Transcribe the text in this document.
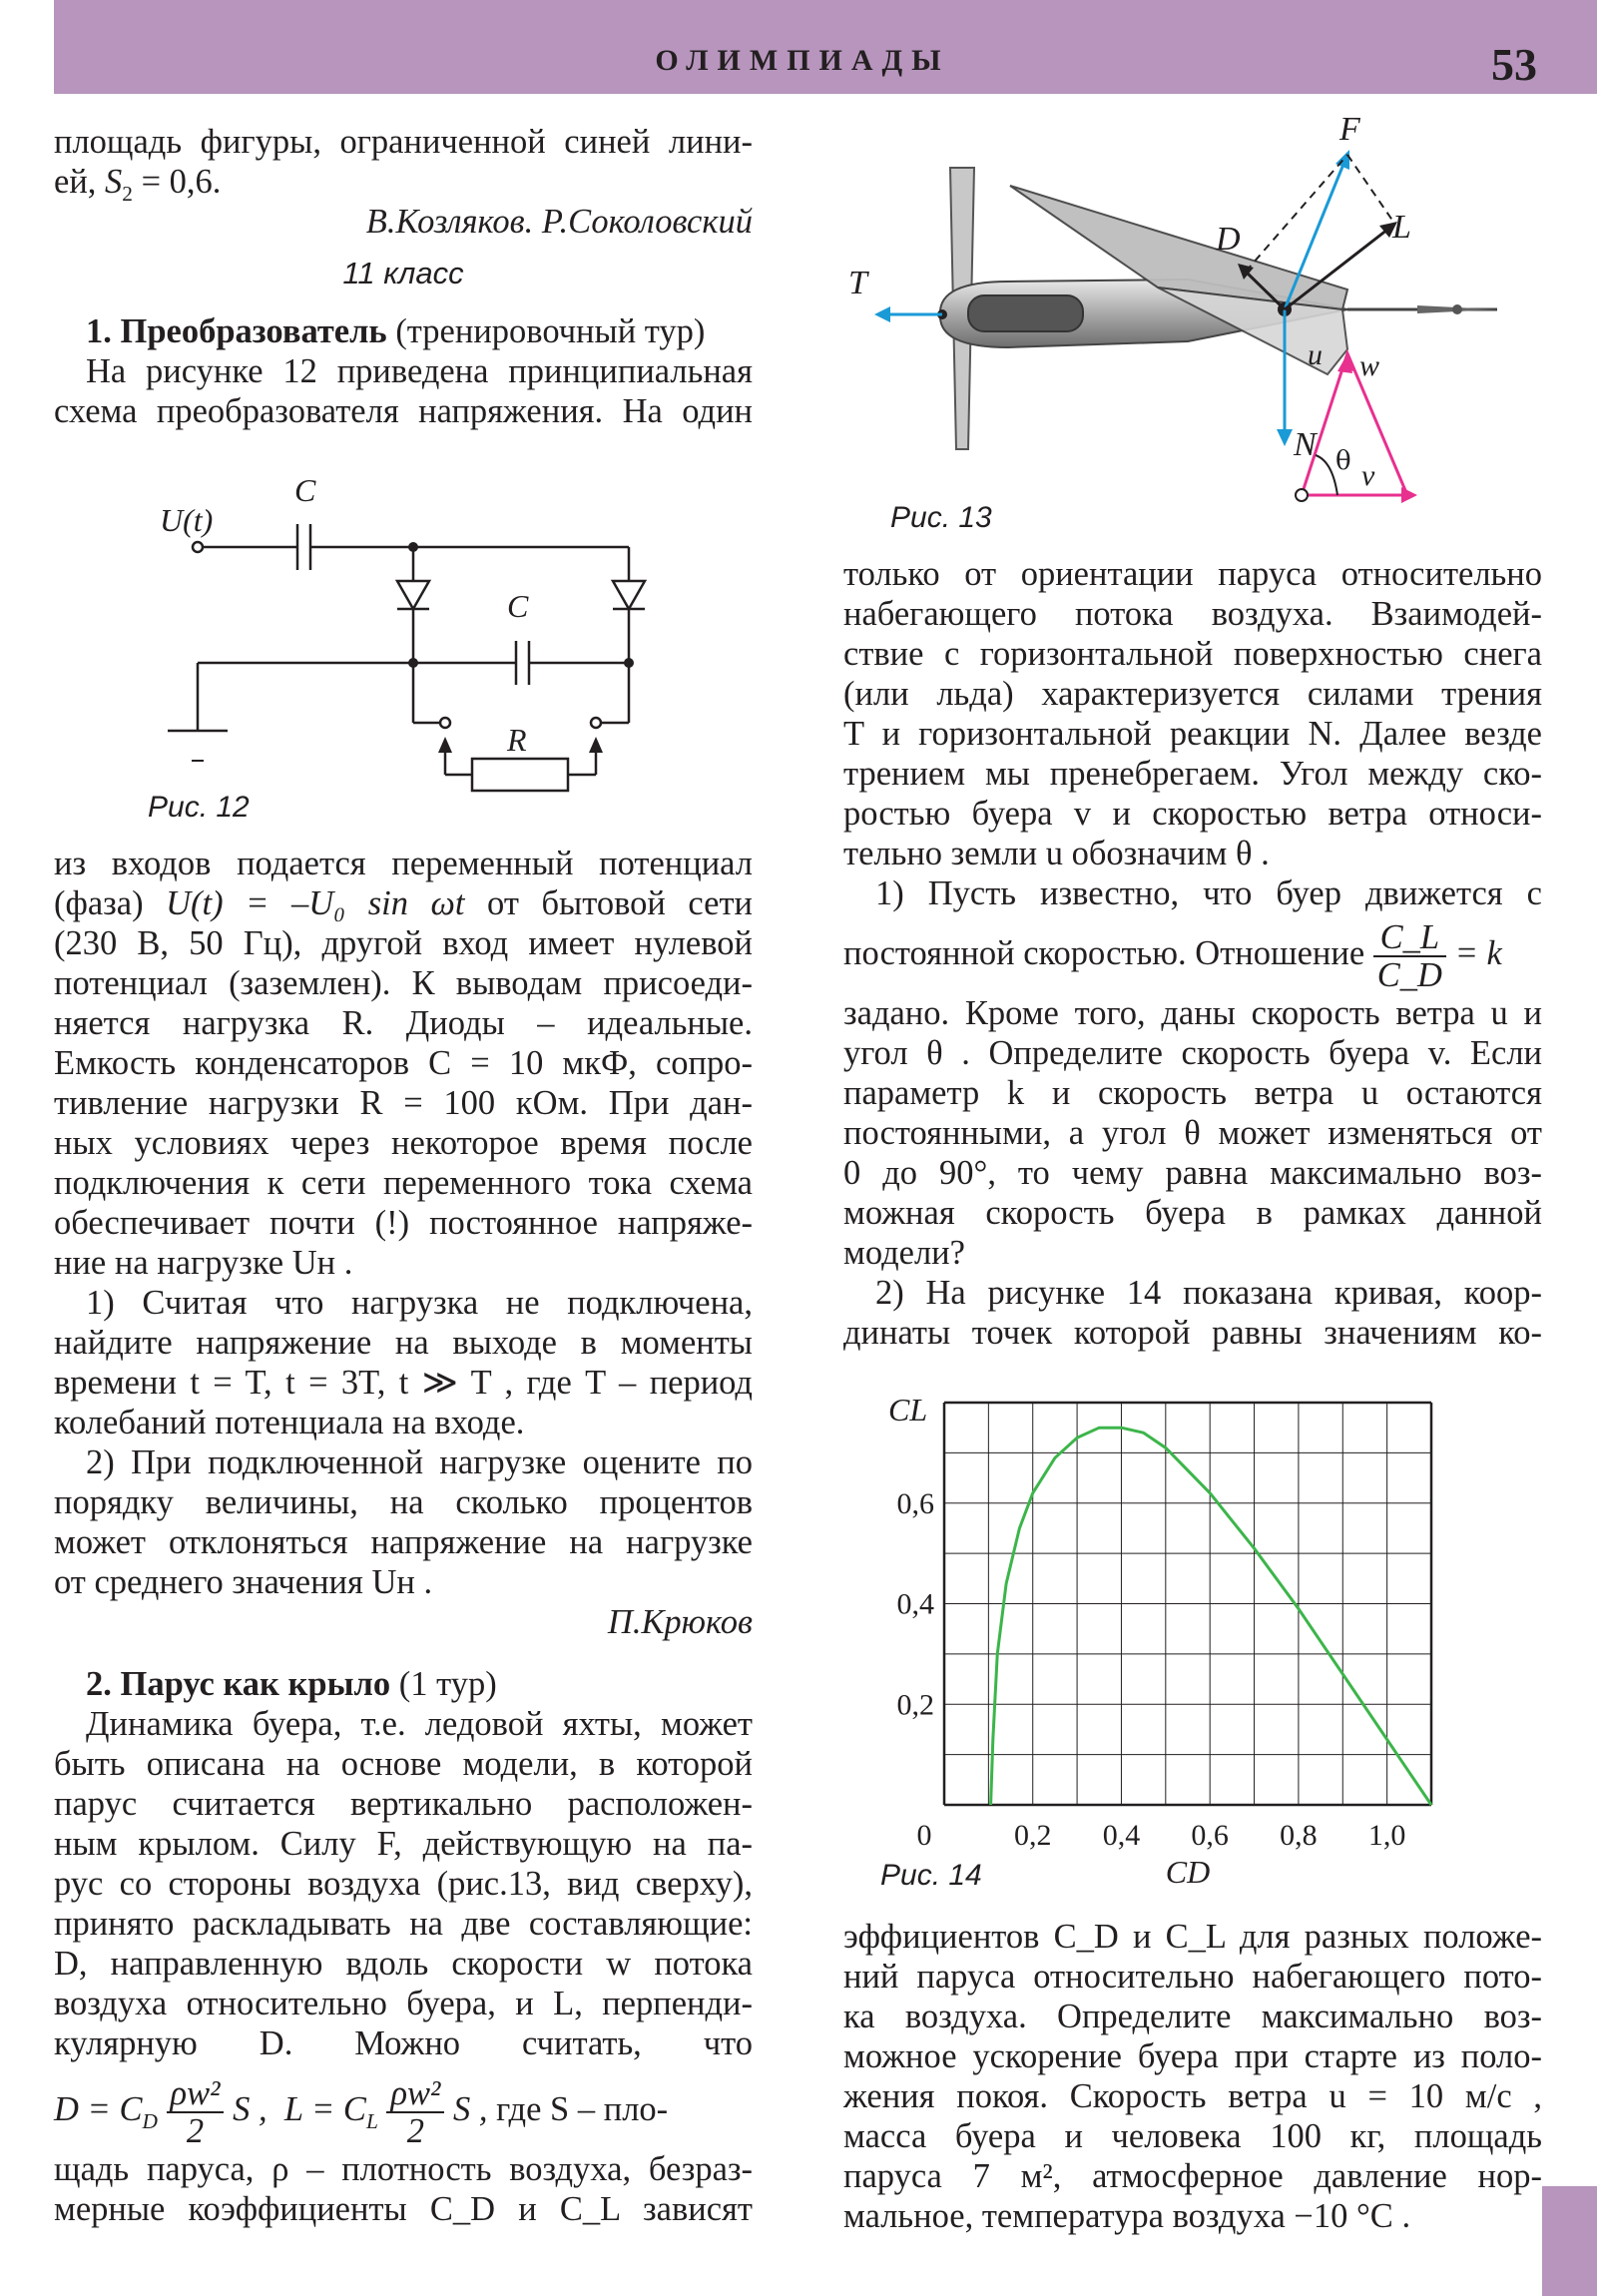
ОЛИМПИАДЫ	53

площадь фигуры, ограниченной синей лини-

ей, $S_2 = 0,6$.

В.Козляков. Р.Соколовский

11 класс

1. Преобразователь (тренировочный тур)

На рисунке 12 приведена принципиальная

схема преобразователя напряжения. На один

U(t)
C
C
R
Рис. 12

из входов подается переменный потенциал

(фаза) U(t) = –U₀ sin ωt от бытовой сети

(230 В, 50 Гц), другой вход имеет нулевой

потенциал (заземлен). К выводам присоеди-

няется нагрузка R. Диоды – идеальные.

Емкость конденсаторов C = 10 мкФ, сопро-

тивление нагрузки R = 100 кОм. При дан-

ных условиях через некоторое время после

подключения к сети переменного тока схема

обеспечивает почти (!) постоянное напряже-

ние на нагрузке Uн .

1) Считая что нагрузка не подключена,

найдите напряжение на выходе в моменты

времени t = T, t = 3T, t ≫ T , где T – период

колебаний потенциала на входе.

2) При подключенной нагрузке оцените по

порядку величины, на сколько процентов

может отклоняться напряжение на нагрузке

от среднего значения Uн .

П.Крюков

2. Парус как крыло (1 тур)

Динамика буера, т.е. ледовой яхты, может

быть описана на основе модели, в которой

парус считается вертикально расположен-

ным крылом. Силу F, действующую на па-

рус со стороны воздуха (рис.13, вид сверху),

принято раскладывать на две составляющие:

D, направленную вдоль скорости w потока

воздуха относительно буера, и L, перпенди-

кулярную D. Можно считать, что

$D = C_D \frac{\text{ρw²}}{2}$ S , $L = C_L \frac{\text{ρw²}}{2}$ S , где S – пло-

щадь паруса, ρ – плотность воздуха, безраз-

мерные коэффициенты C_D и C_L зависят

F
D	L
T
N
w
v
u
θ
Рис. 13

только от ориентации паруса относительно

набегающего потока воздуха. Взаимодей-

ствие с горизонтальной поверхностью снега

(или льда) характеризуется силами трения

T и горизонтальной реакции N. Далее везде

трением мы пренебрегаем. Угол между ско-

ростью буера v и скоростью ветра относи-

тельно земли u обозначим θ .

1) Пусть известно, что буер движется с

постоянной скоростью. Отношение $\frac{C\_L}{C\_D} = k$

задано. Кроме того, даны скорость ветра u и

угол θ . Определите скорость буера v. Если

параметр k и скорость ветра u остаются

постоянными, а угол θ может изменяться от

0 до 90°, то чему равна максимально воз-

можная скорость буера в рамках данной

модели?

2) На рисунке 14 показана кривая, коор-

динаты точек которой равны значениям ко-

0	0,2 0,4 0,6 0,8 1,0
0,2
0,4
0,6
CL
CD
Рис. 14

эффициентов C_D и C_L для разных положе-

ний паруса относительно набегающего пото-

ка воздуха. Определите максимально воз-

можное ускорение буера при старте из поло-

жения покоя. Скорость ветра u = 10 м/с ,

масса буера и человека 100 кг, площадь

паруса 7 м², атмосферное давление нор-

мальное, температура воздуха −10 °C .
